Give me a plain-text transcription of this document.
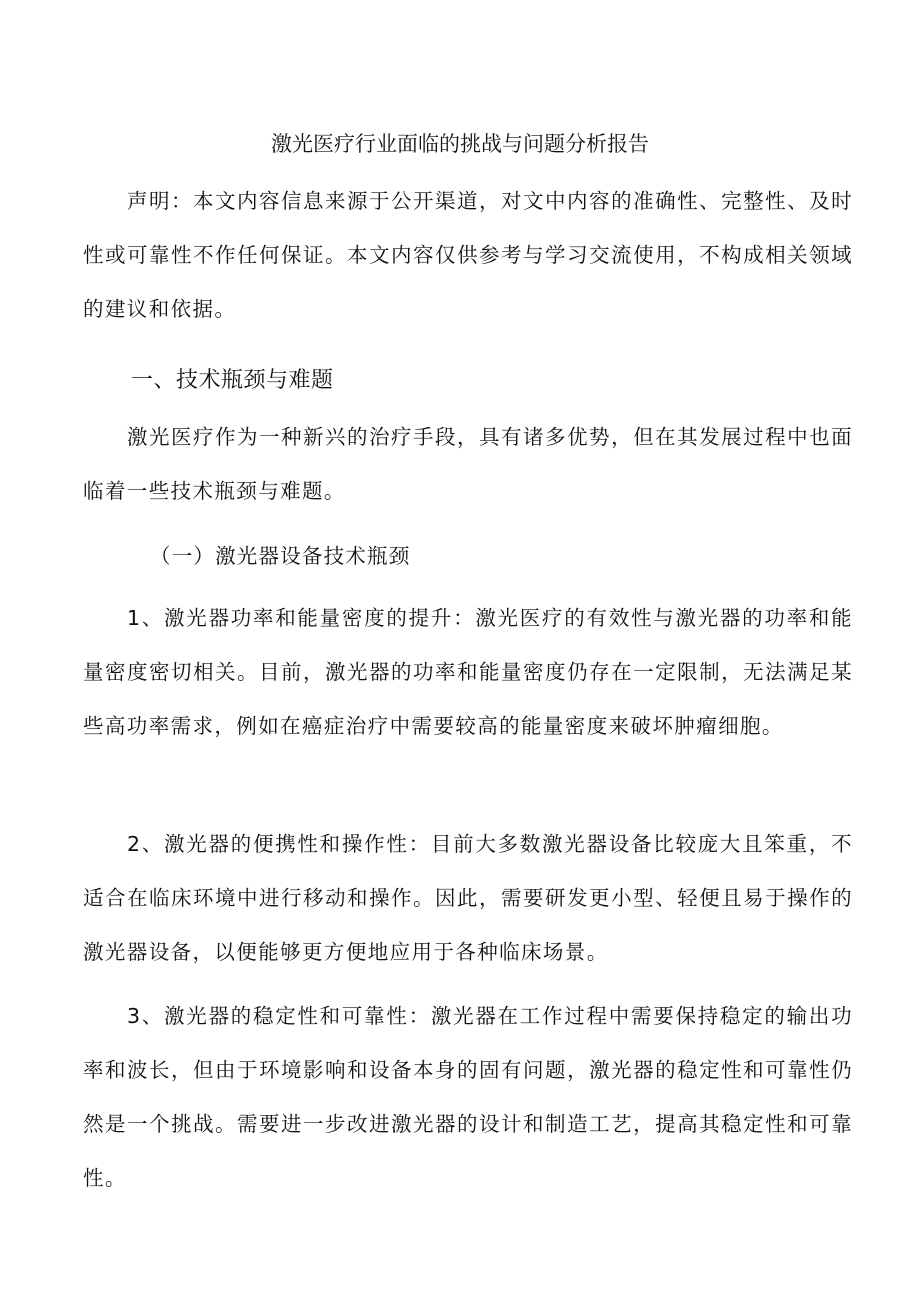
激光医疗行业面临的挑战与问题分析报告
声明：本文内容信息来源于公开渠道，对文中内容的准确性、完整性、及时性或可靠性不作任何保证。本文内容仅供参考与学习交流使用，不构成相关领域的建议和依据。
一、技术瓶颈与难题
激光医疗作为一种新兴的治疗手段，具有诸多优势，但在其发展过程中也面临着一些技术瓶颈与难题。
（一）激光器设备技术瓶颈
1、激光器功率和能量密度的提升：激光医疗的有效性与激光器的功率和能量密度密切相关。目前，激光器的功率和能量密度仍存在一定限制，无法满足某些高功率需求，例如在癌症治疗中需要较高的能量密度来破坏肿瘤细胞。
2、激光器的便携性和操作性：目前大多数激光器设备比较庞大且笨重，不适合在临床环境中进行移动和操作。因此，需要研发更小型、轻便且易于操作的激光器设备，以便能够更方便地应用于各种临床场景。
3、激光器的稳定性和可靠性：激光器在工作过程中需要保持稳定的输出功率和波长，但由于环境影响和设备本身的固有问题，激光器的稳定性和可靠性仍然是一个挑战。需要进一步改进激光器的设计和制造工艺，提高其稳定性和可靠性。
